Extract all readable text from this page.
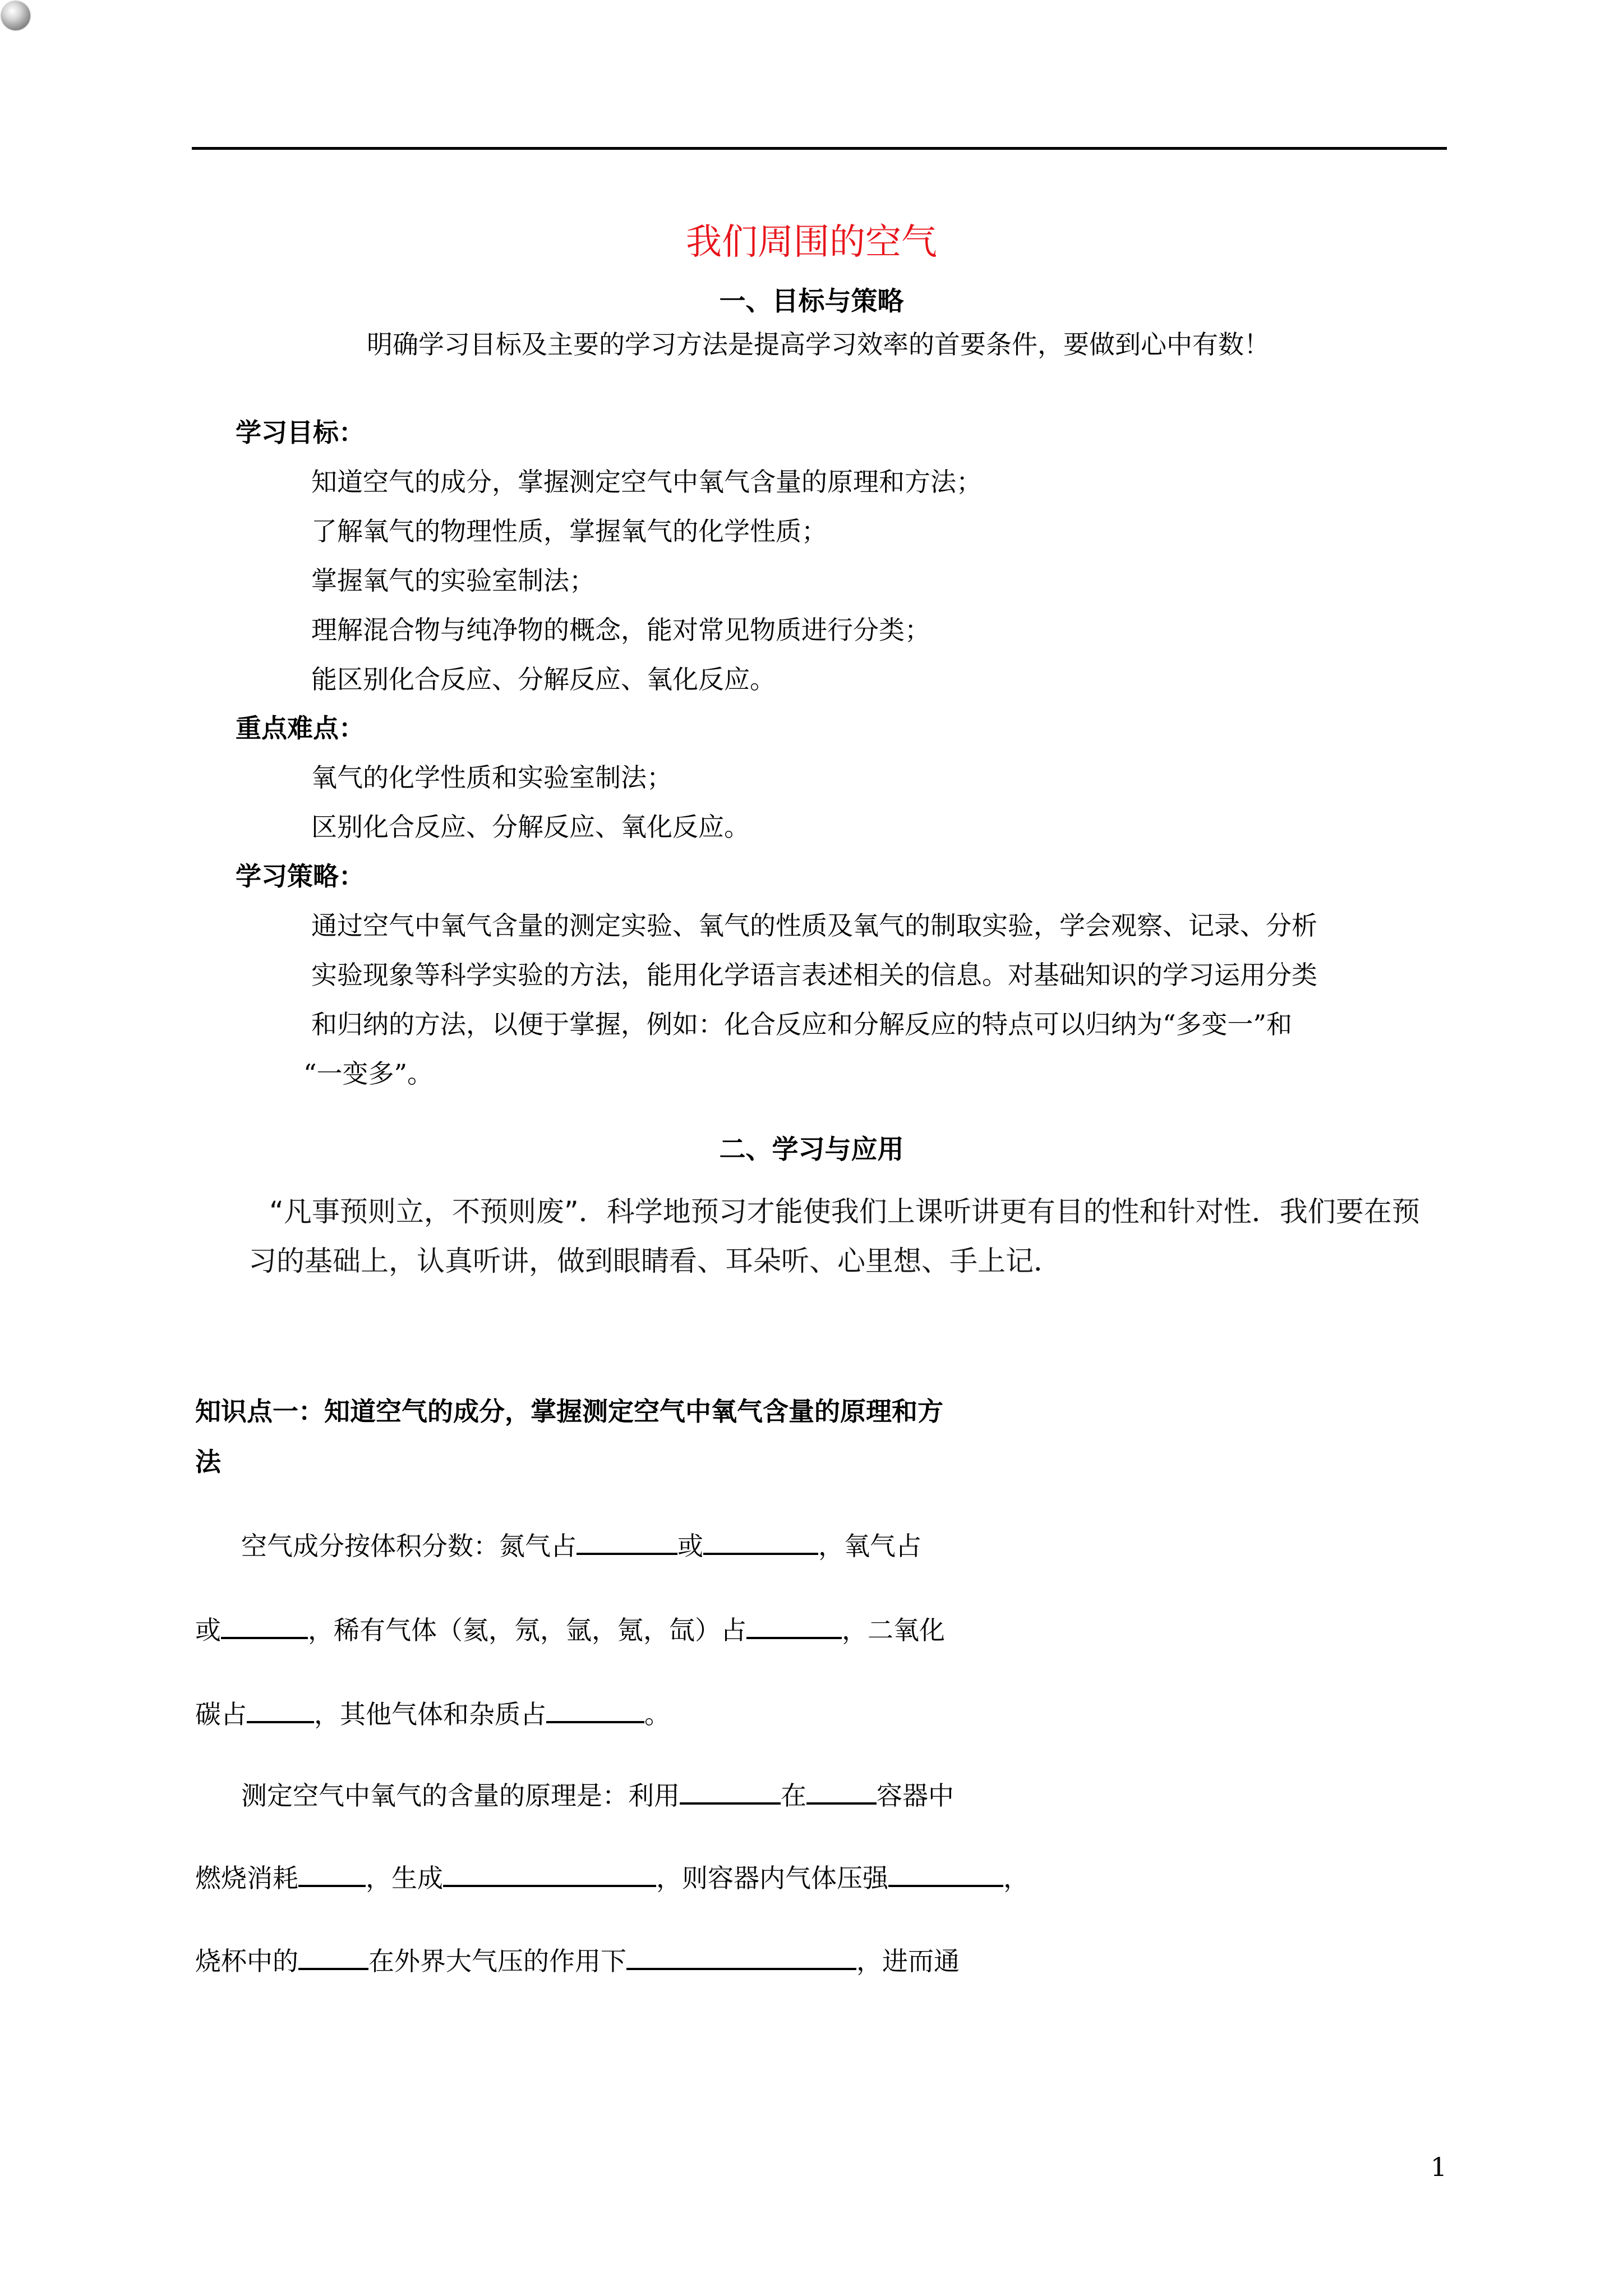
我们周围的空气
一、目标与策略
明确学习目标及主要的学习方法是提高学习效率的首要条件，要做到心中有数！
学习目标：
知道空气的成分，掌握测定空气中氧气含量的原理和方法；
了解氧气的物理性质，掌握氧气的化学性质；
掌握氧气的实验室制法；
理解混合物与纯净物的概念，能对常见物质进行分类；
能区别化合反应、分解反应、氧化反应。
重点难点：
氧气的化学性质和实验室制法；
区别化合反应、分解反应、氧化反应。
学习策略：
通过空气中氧气含量的测定实验、氧气的性质及氧气的制取实验，学会观察、记录、分析
实验现象等科学实验的方法，能用化学语言表述相关的信息。对基础知识的学习运用分类
和归纳的方法，以便于掌握，例如：化合反应和分解反应的特点可以归纳为“多变一”和
“一变多”。
二、学习与应用
“凡事预则立，不预则废”．科学地预习才能使我们上课听讲更有目的性和针对性．我们要在预
习的基础上，认真听讲，做到眼睛看、耳朵听、心里想、手上记．
知识点一：知道空气的成分，掌握测定空气中氧气含量的原理和方
法
空气成分按体积分数：氮气占	或	，氧气占
或	，稀有气体（氦，氖，氩，氪，氙）占	，二氧化
碳占	，其他气体和杂质占	。
测定空气中氧气的含量的原理是：利用	在	容器中
燃烧消耗	，生成	，则容器内气体压强	，
烧杯中的	在外界大气压的作用下	，进而通
1
